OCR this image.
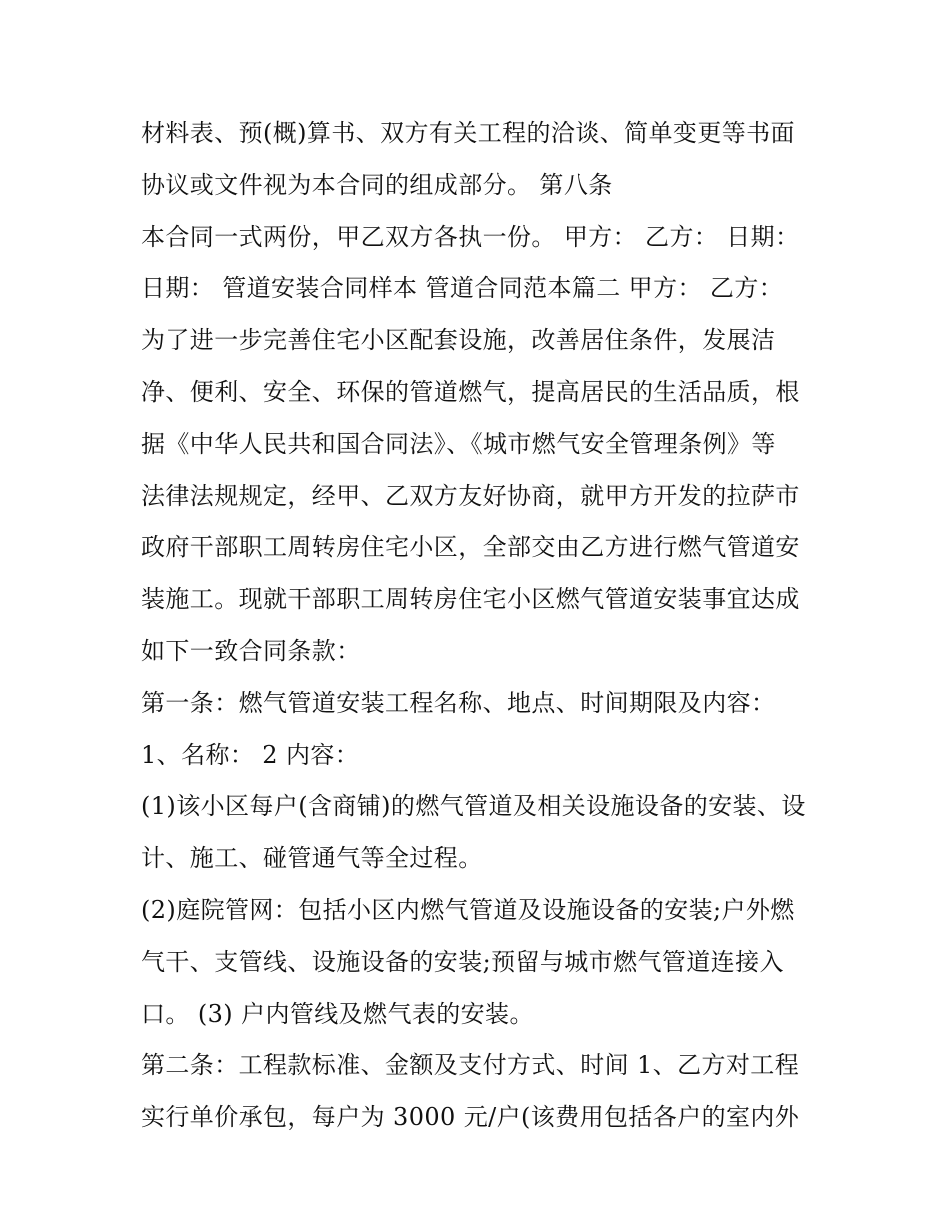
材料表、预(概)算书、双方有关工程的洽谈、简单变更等书面
协议或文件视为本合同的组成部分。 第八条
本合同一式两份，甲乙双方各执一份。 甲方： 乙方： 日期：
日期： 管道安装合同样本 管道合同范本篇二 甲方： 乙方：
为了进一步完善住宅小区配套设施，改善居住条件，发展洁
净、便利、安全、环保的管道燃气，提高居民的生活品质，根
据《中华人民共和国合同法》、《城市燃气安全管理条例》等
法律法规规定，经甲、乙双方友好协商，就甲方开发的拉萨市
政府干部职工周转房住宅小区，全部交由乙方进行燃气管道安
装施工。现就干部职工周转房住宅小区燃气管道安装事宜达成
如下一致合同条款：
第一条：燃气管道安装工程名称、地点、时间期限及内容：
1、名称： 2 内容：
(1)该小区每户(含商铺)的燃气管道及相关设施设备的安装、设
计、施工、碰管通气等全过程。
(2)庭院管网：包括小区内燃气管道及设施设备的安装;户外燃
气干、支管线、设施设备的安装;预留与城市燃气管道连接入
口。 (3) 户内管线及燃气表的安装。
第二条：工程款标准、金额及支付方式、时间 1、乙方对工程
实行单价承包，每户为 3000 元/户(该费用包括各户的室内外
